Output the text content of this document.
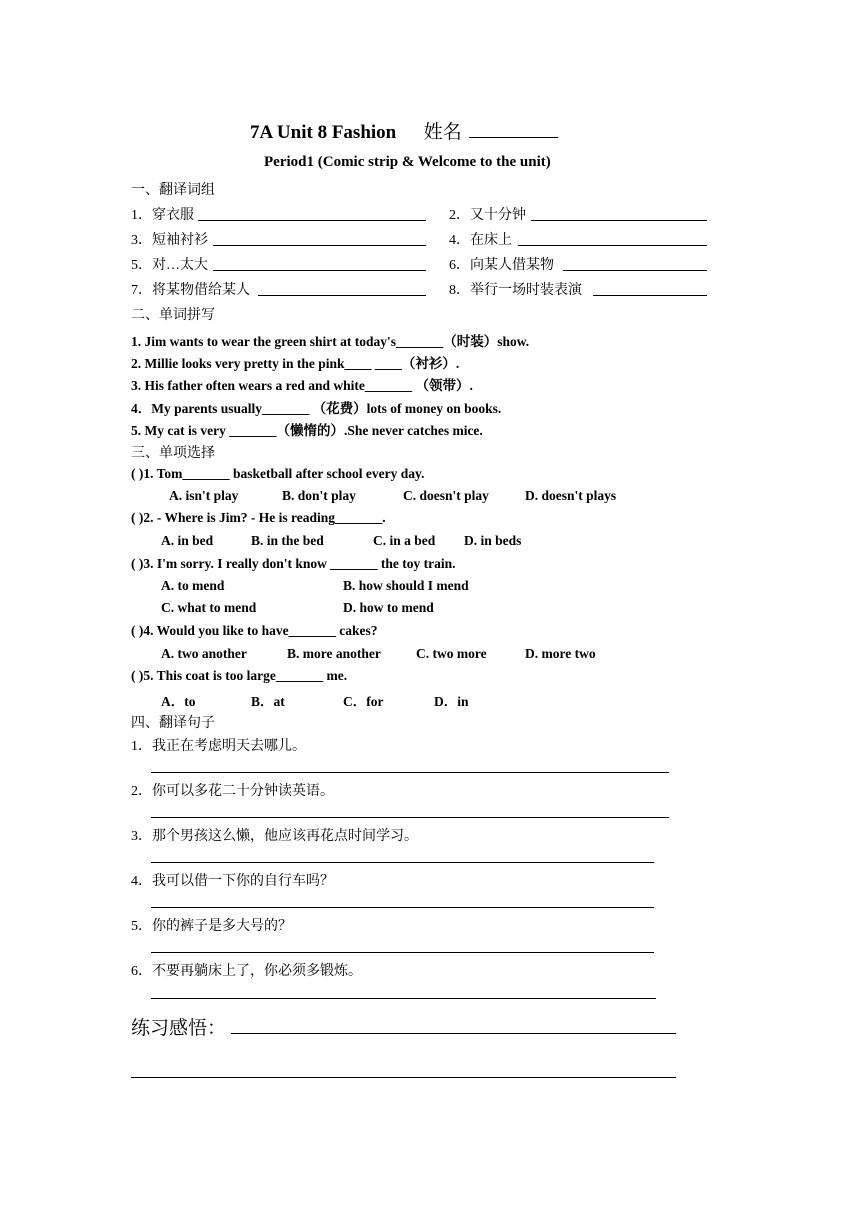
7A Unit 8 Fashion 姓名
Period1 (Comic strip & Welcome to the unit)
一、翻译词组
1．穿衣服	2．又十分钟
3．短袖衬衫	4．在床上
5．对…太大	6．向某人借某物
7．将某物借给某人	8．举行一场时装表演
二、单词拼写
1. Jim wants to wear the green shirt at today's_______（时装）show.
2. Millie looks very pretty in the pink____ ____（衬衫）.
3. His father often wears a red and white_______ （领带）.
4．My parents usually_______ （花费）lots of money on books.
5. My cat is very _______（懒惰的）.She never catches mice.
三、单项选择
( )1. Tom_______ basketball after school every day.
A. isn't play	B. don't play	C. doesn't play	D. doesn't plays
( )2. - Where is Jim? - He is reading_______.
A. in bed	B. in the bed	C. in a bed D. in beds
( )3. I'm sorry. I really don't know _______ the toy train.
A. to mend	B. how should I mend
C. what to mend	D. how to mend
( )4. Would you like to have_______ cakes?
A. two another	B. more another	C. two more	D. more two
( )5. This coat is too large_______ me.
A．to	B．at	C．for	D．in
四、翻译句子
1．我正在考虑明天去哪儿。
2．你可以多花二十分钟读英语。
3．那个男孩这么懒，他应该再花点时间学习。
4．我可以借一下你的自行车吗？
5．你的裤子是多大号的？
6．不要再躺床上了，你必须多锻炼。
练习感悟：
